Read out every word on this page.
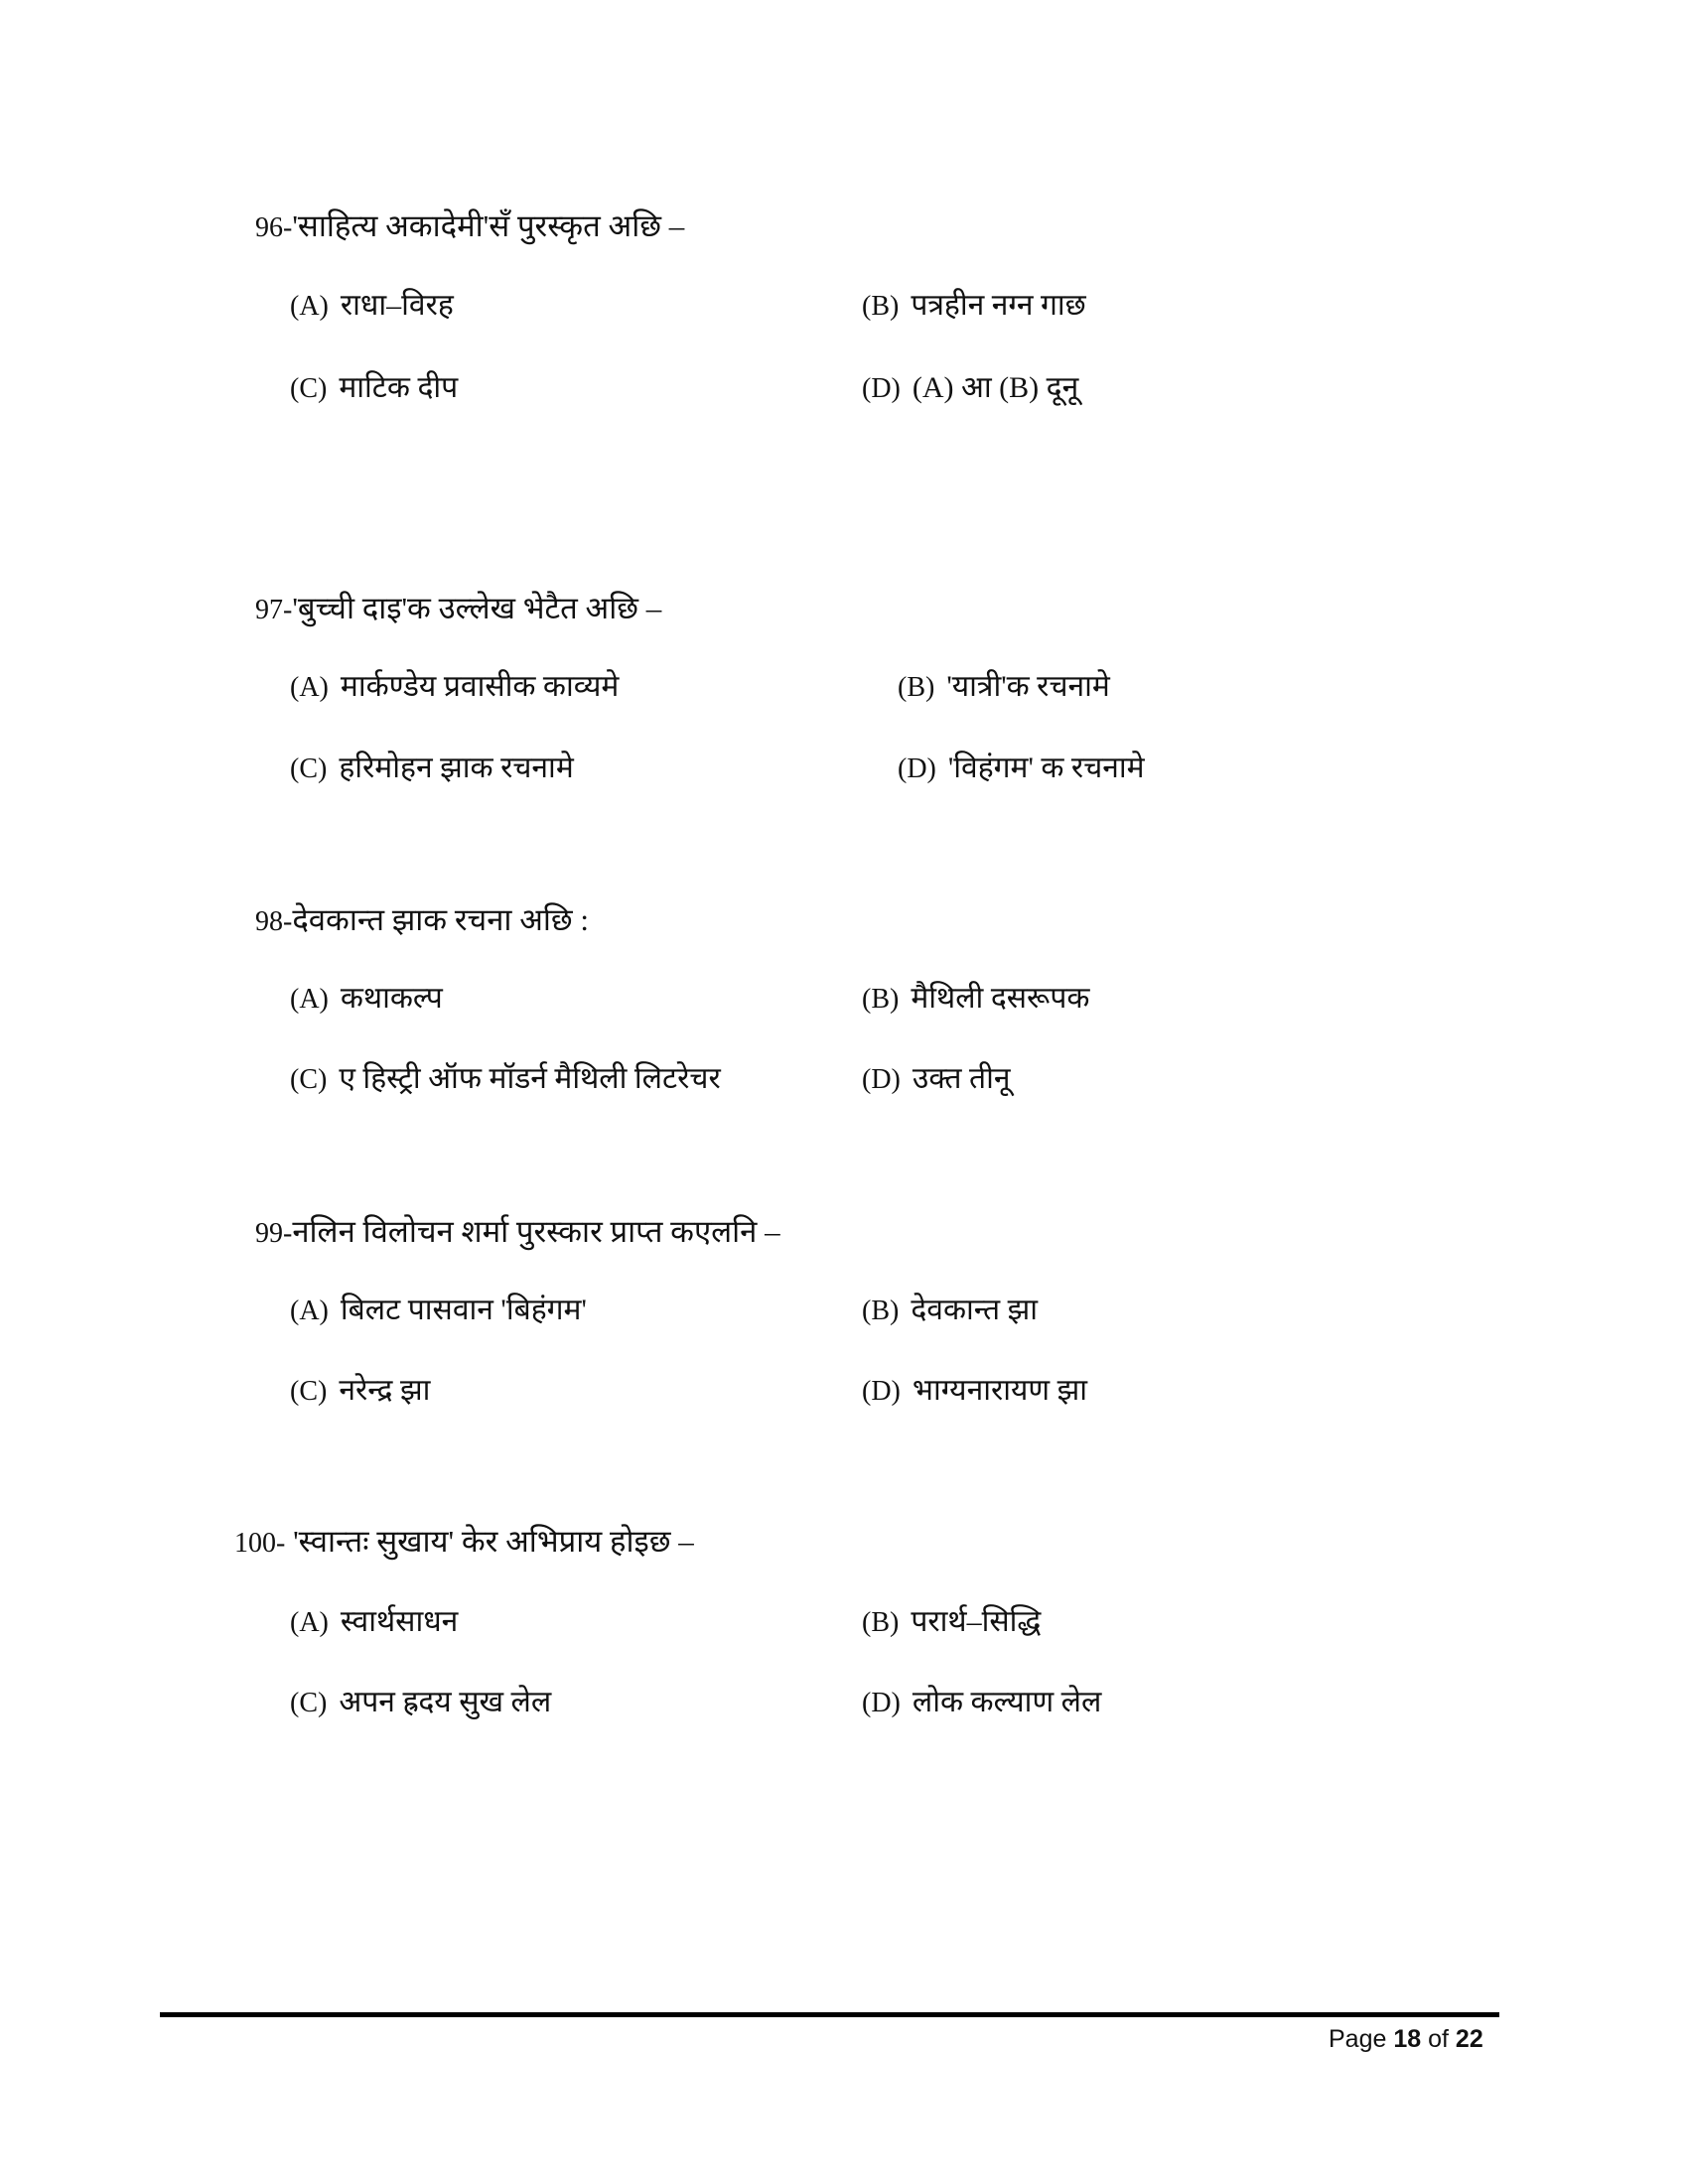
96-'साहित्य अकादेमी'सँ पुरस्कृत अछि –
(A) राधा–विरह	(B) पत्रहीन नग्न गाछ
(C) माटिक दीप	(D) (A) आ (B) दूनू
97-'बुच्ची दाइ'क उल्लेख भेटैत अछि –
(A) मार्कण्डेय प्रवासीक काव्यमे	(B) 'यात्री'क रचनामे
(C) हरिमोहन झाक रचनामे	(D) 'विहंगम' क रचनामे
98-देवकान्त झाक रचना अछि :
(A) कथाकल्प	(B) मैथिली दसरूपक
(C) ए हिस्ट्री ऑफ मॉडर्न मैथिली लिटरेचर	(D) उक्त तीनू
99-नलिन विलोचन शर्मा पुरस्कार प्राप्त कएलनि –
(A) बिलट पासवान 'बिहंगम'	(B) देवकान्त झा
(C) नरेन्द्र झा	(D) भाग्यनारायण झा
100- 'स्वान्तः सुखाय' केर अभिप्राय होइछ –
(A) स्वार्थसाधन	(B) परार्थ–सिद्धि
(C) अपन ह्रदय सुख लेल	(D) लोक कल्याण लेल
Page 18 of 22
